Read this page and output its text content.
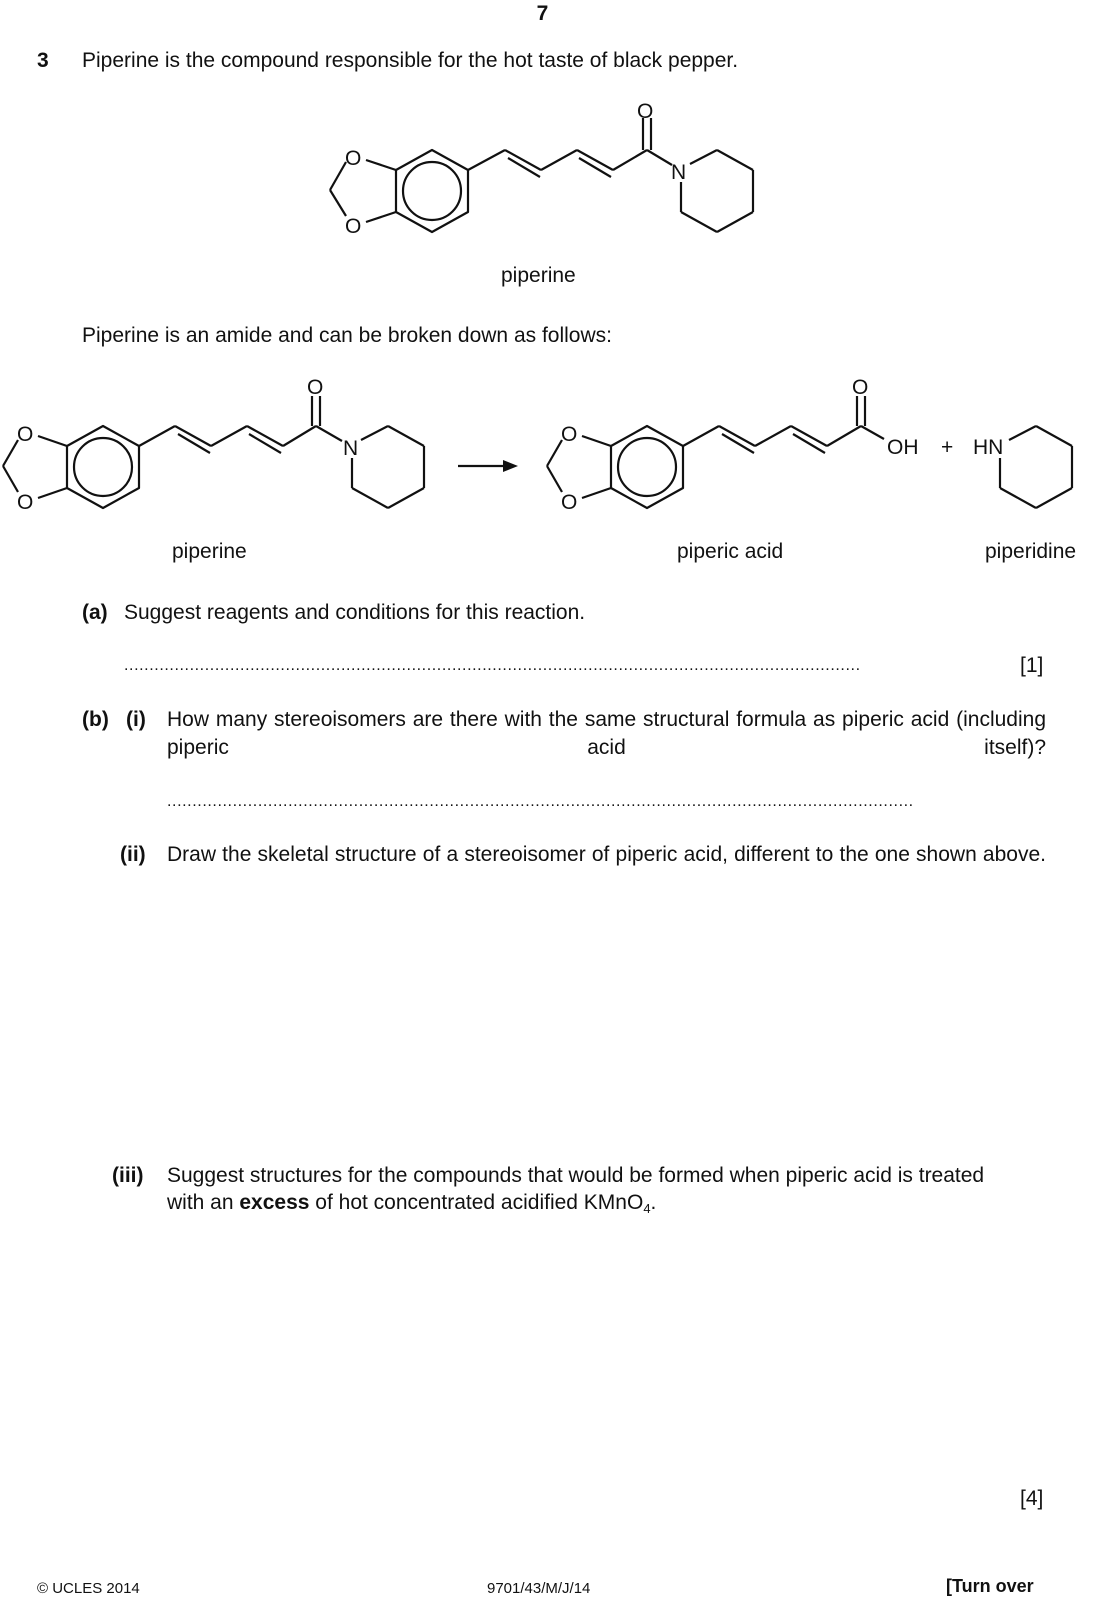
7
3 Piperine is the compound responsible for the hot taste of black pepper.
O
O
O
N
O
O
O
N
O
O
O
OH + HN
piperine
Piperine is an amide and can be broken down as follows:
piperine	piperic acid	piperidine
(a) Suggest reagents and conditions for this reaction.
..................................................................................................................................................	[1]
(b) (i) How many stereoisomers are there with the same structural formula as piperic acid (including piperic acid itself)?
....................................................................................................................................................
(ii) Draw the skeletal structure of a stereoisomer of piperic acid, different to the one shown above.
(iii) Suggest structures for the compounds that would be formed when piperic acid is treated
with an excess of hot concentrated acidified KMnO$_4$.
[4]
© UCLES 2014	9701/43/M/J/14	[Turn over
